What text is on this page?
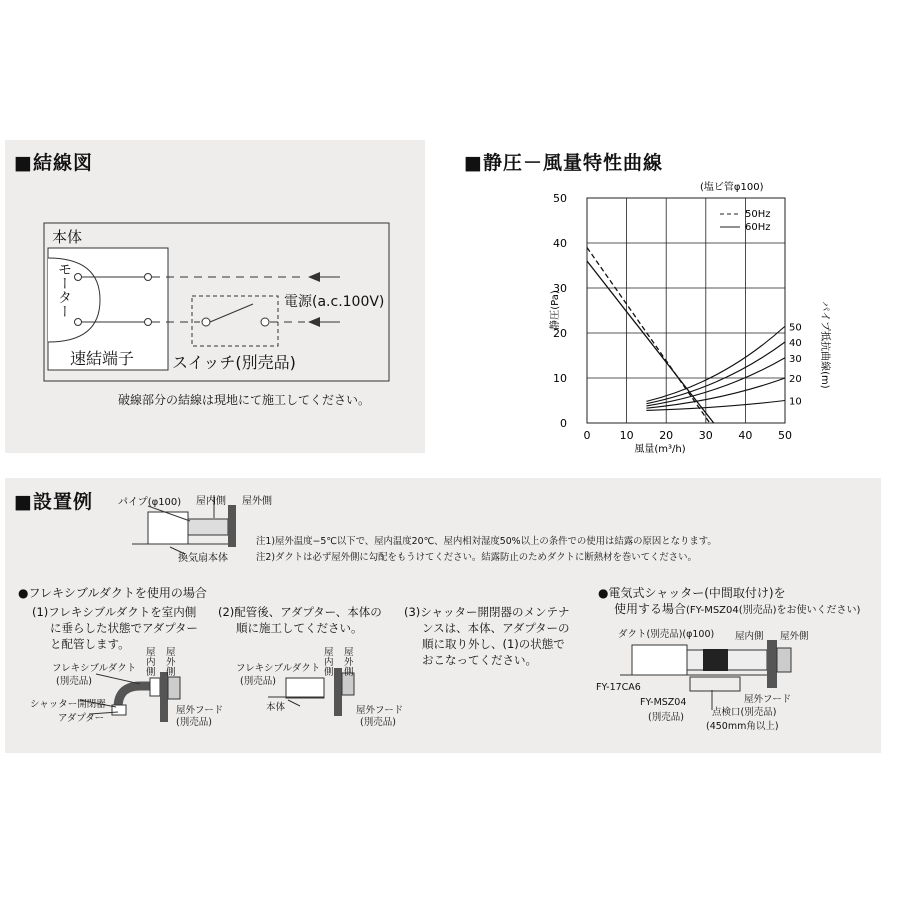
■結線図
本体
モーター
速結端子
電源(a.c.100V)
スイッチ(別売品)
破線部分の結線は現地にて施工してください。
■静圧－風量特性曲線
0	10 20 30 40 50
0
10
20
30
40
50
10
20
30
40
50
(塩ビ管φ100)
静圧(Pa)
風量(m³/h)
50Hz
60Hz
パイプ抵抗曲線(m)
■設置例	パイプ(φ100) 屋内側 屋外側
換気扇本体
注1)屋外温度−5℃以下で、屋内温度20℃、屋内相対湿度50%以上の条件での使用は結露の原因となります。
注2)ダクトは必ず屋外側に勾配をもうけてください。結露防止のためダクトに断熱材を巻いてください。
●フレキシブルダクトを使用の場合
(1)フレキシブルダクトを室内側
に垂らした状態でアダプター
と配管します。
(2)配管後、アダプター、本体の
順に施工してください。
(3)シャッター開閉器のメンテナ
ンスは、本体、アダプターの
順に取り外し、(1)の状態で
おこなってください。
フレキシブルダクト
(別売品)
シャッター開閉器
アダプター
屋
内
側
屋
外
側
屋外フード
(別売品)
フレキシブルダクト
(別売品)
本体
屋
内
側
屋
外
側
屋外フード
(別売品)
●電気式シャッター(中間取付け)を
使用する場合(FY-MSZ04(別売品)をお使いください)
ダクト(別売品)(φ100) 屋内側 屋外側
FY-17CA6
FY-MSZ04
(別売品)
屋外フード
点検口(別売品)
(450mm角以上)
